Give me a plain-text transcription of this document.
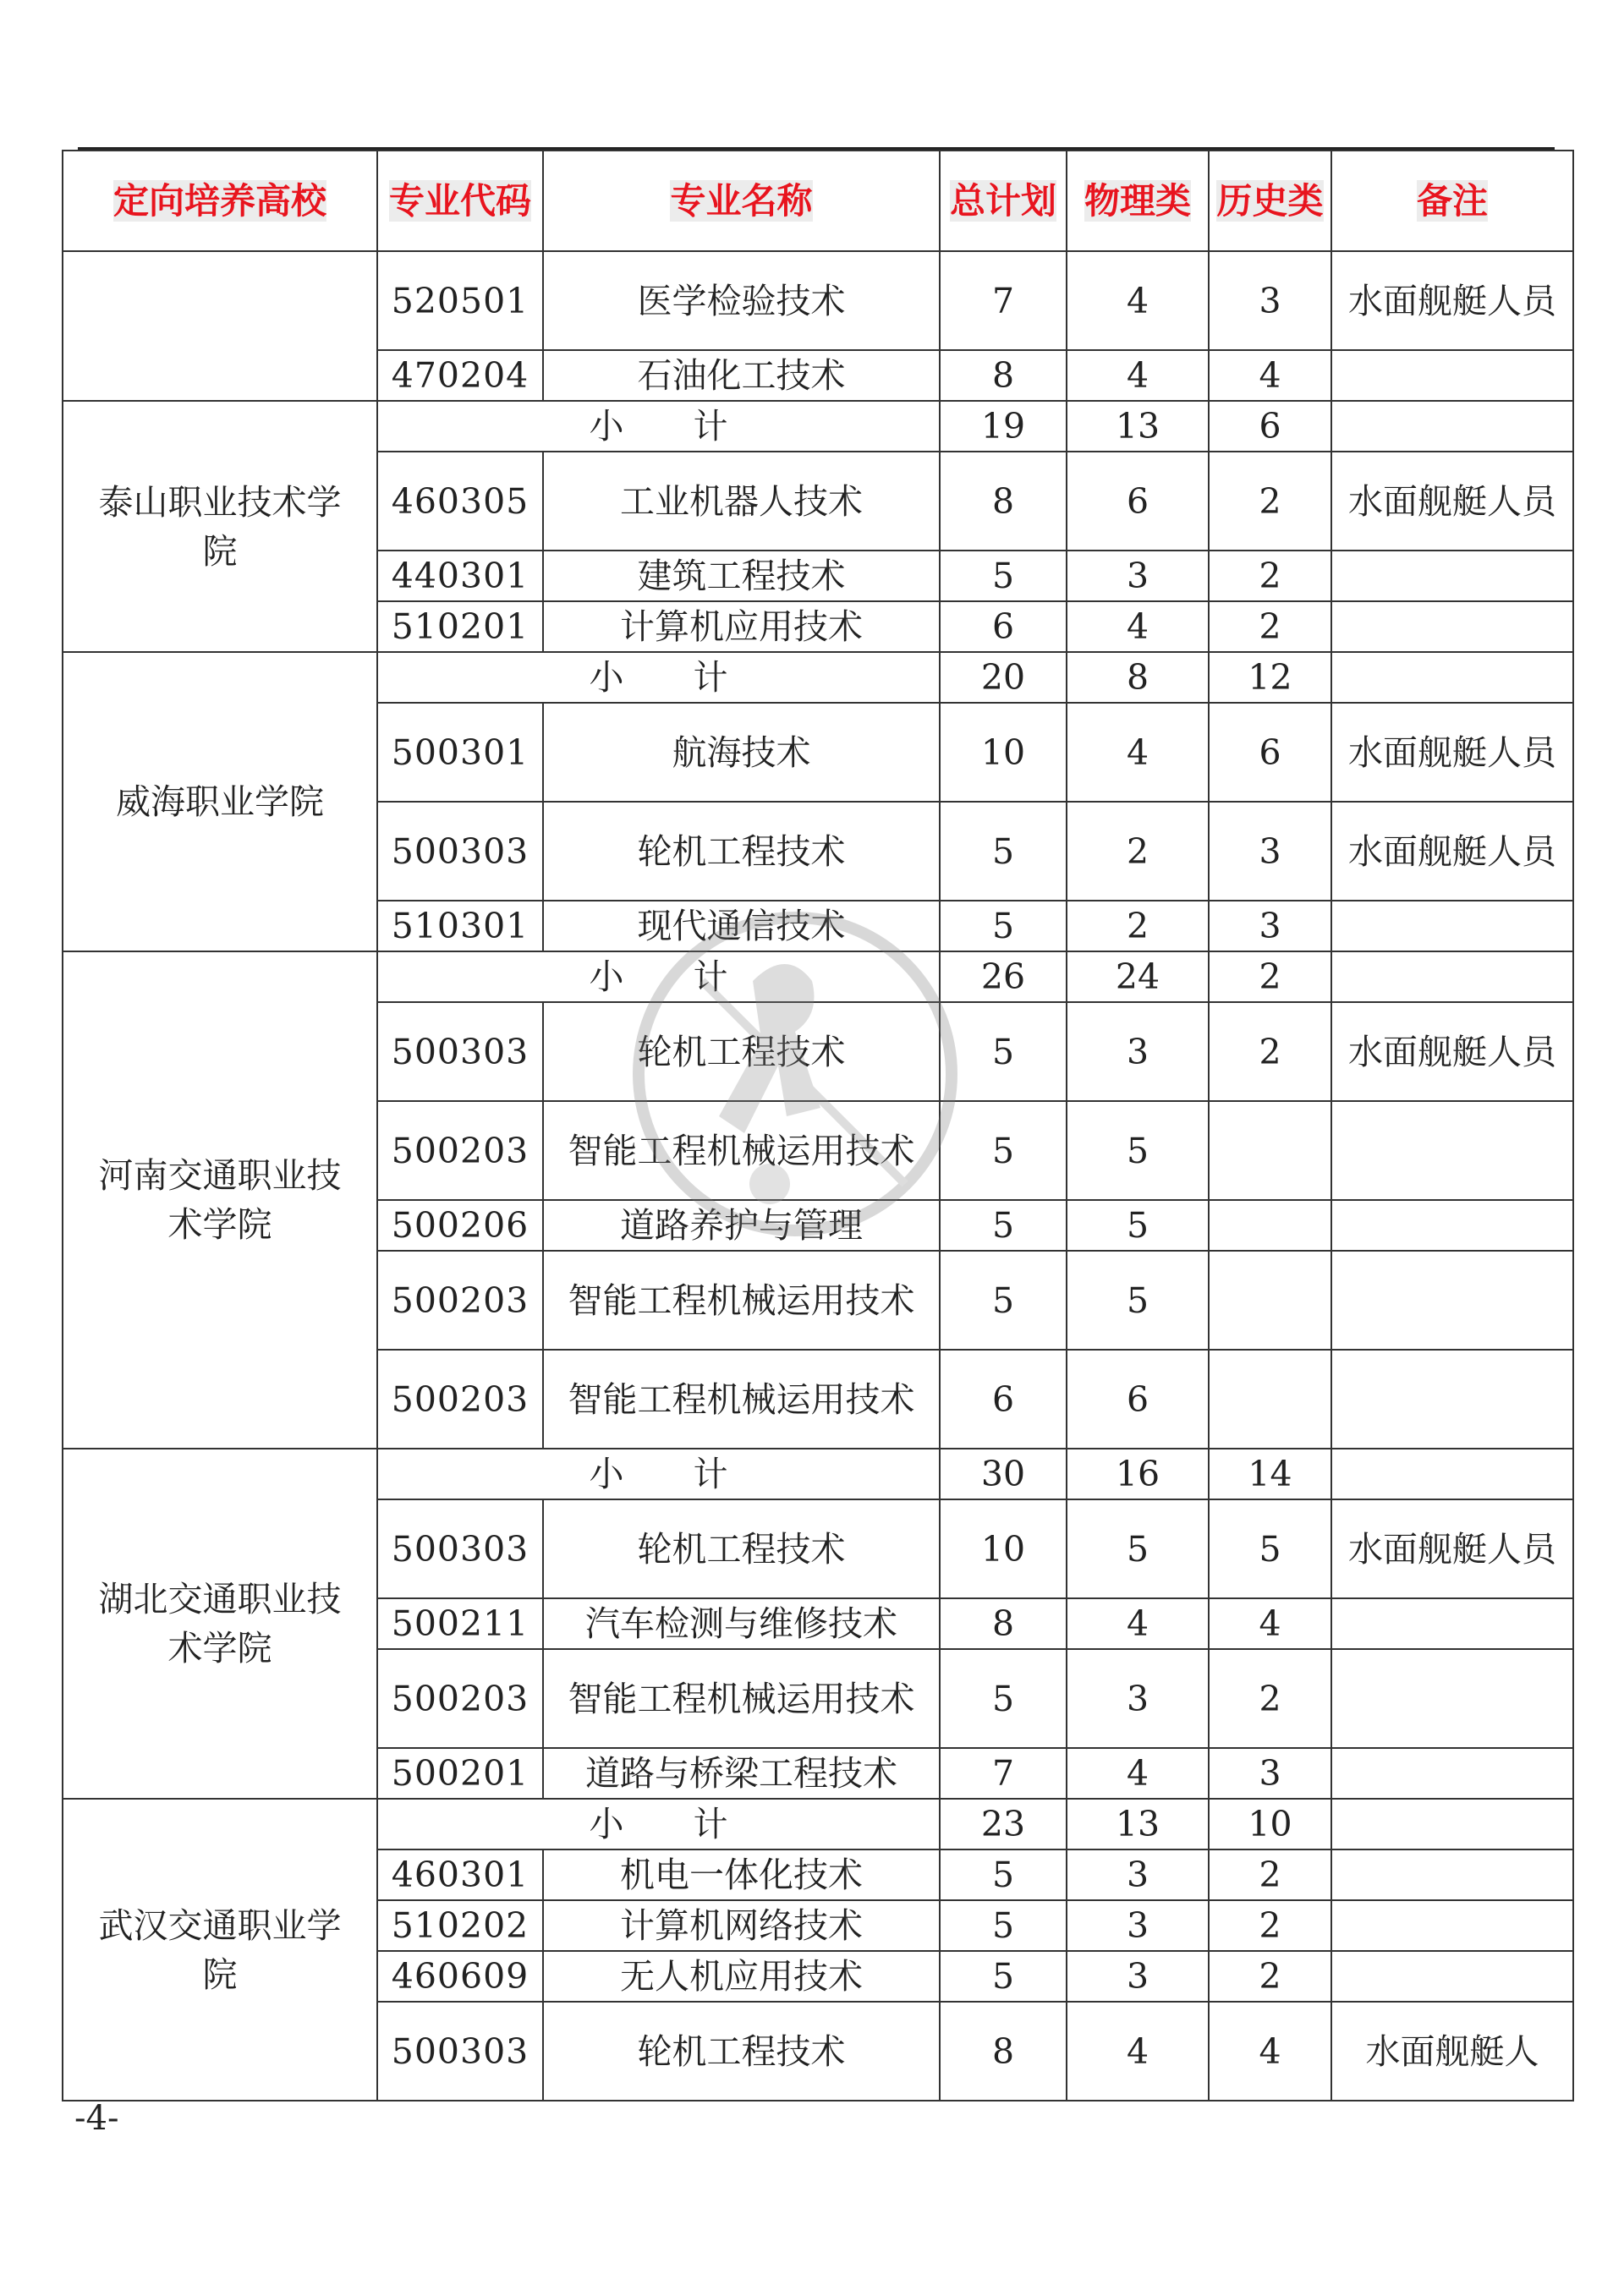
定向培养高校	专业代码	专业名称	总计划	物理类	历史类	备注
	520501	医学检验技术	7	4	3	水面舰艇人员
	470204	石油化工技术	8	4	4	
泰山职业技术学院	小　　计		19	13	6	
	460305	工业机器人技术	8	6	2	水面舰艇人员
	440301	建筑工程技术	5	3	2	
	510201	计算机应用技术	6	4	2	
威海职业学院	小　　计		20	8	12	
	500301	航海技术	10	4	6	水面舰艇人员
	500303	轮机工程技术	5	2	3	水面舰艇人员
	510301	现代通信技术	5	2	3	
河南交通职业技术学院	小　　计		26	24	2	
	500303	轮机工程技术	5	3	2	水面舰艇人员
	500203	智能工程机械运用技术	5	5		
	500206	道路养护与管理	5	5		
	500203	智能工程机械运用技术	5	5		
	500203	智能工程机械运用技术	6	6		
湖北交通职业技术学院	小　　计		30	16	14	
	500303	轮机工程技术	10	5	5	水面舰艇人员
	500211	汽车检测与维修技术	8	4	4	
	500203	智能工程机械运用技术	5	3	2	
	500201	道路与桥梁工程技术	7	4	3	
武汉交通职业学院	小　　计		23	13	10	
	460301	机电一体化技术	5	3	2	
	510202	计算机网络技术	5	3	2	
	460609	无人机应用技术	5	3	2	
	500303	轮机工程技术	8	4	4	水面舰艇人
-4-
